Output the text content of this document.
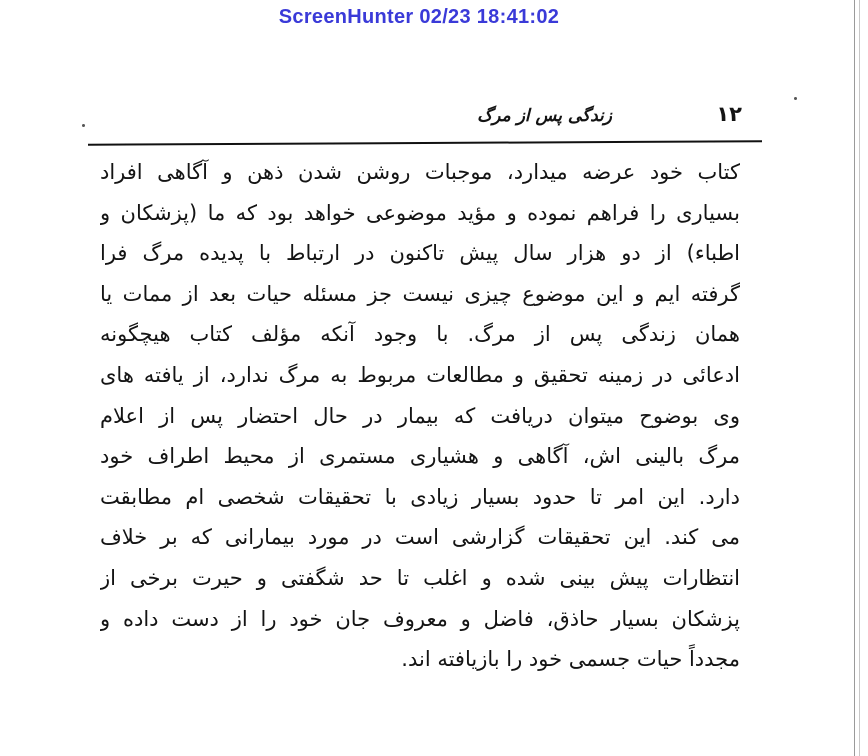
ScreenHunter 02/23 18:41:02
۱۲
زندگی پس از مرگ
کتاب خود عرضه میدارد، موجبات روشن شدن ذهن و آگاهی افراد
بسیاری را فراهم نموده و مؤید موضوعی خواهد بود که ما (پزشکان و
اطباء) از دو هزار سال پیش تاکنون در ارتباط با پدیده مرگ فرا
گرفته ایم و این موضوع چیزی نیست جز مسئله حیات بعد از ممات یا
همان زندگی پس از مرگ. با وجود آنکه مؤلف کتاب هیچگونه
ادعائی در زمینه تحقیق و مطالعات مربوط به مرگ ندارد، از یافته های
وی بوضوح میتوان دریافت که بیمار در حال احتضار پس از اعلام
مرگ بالینی اش، آگاهی و هشیاری مستمری از محیط اطراف خود
دارد. این امر تا حدود بسیار زیادی با تحقیقات شخصی ام مطابقت
می کند. این تحقیقات گزارشی است در مورد بیمارانی که بر خلاف
انتظارات پیش بینی شده و اغلب تا حد شگفتی و حیرت برخی از
پزشکان بسیار حاذق، فاضل و معروف جان خود را از دست داده و
مجدداً حیات جسمی خود را بازیافته اند.
